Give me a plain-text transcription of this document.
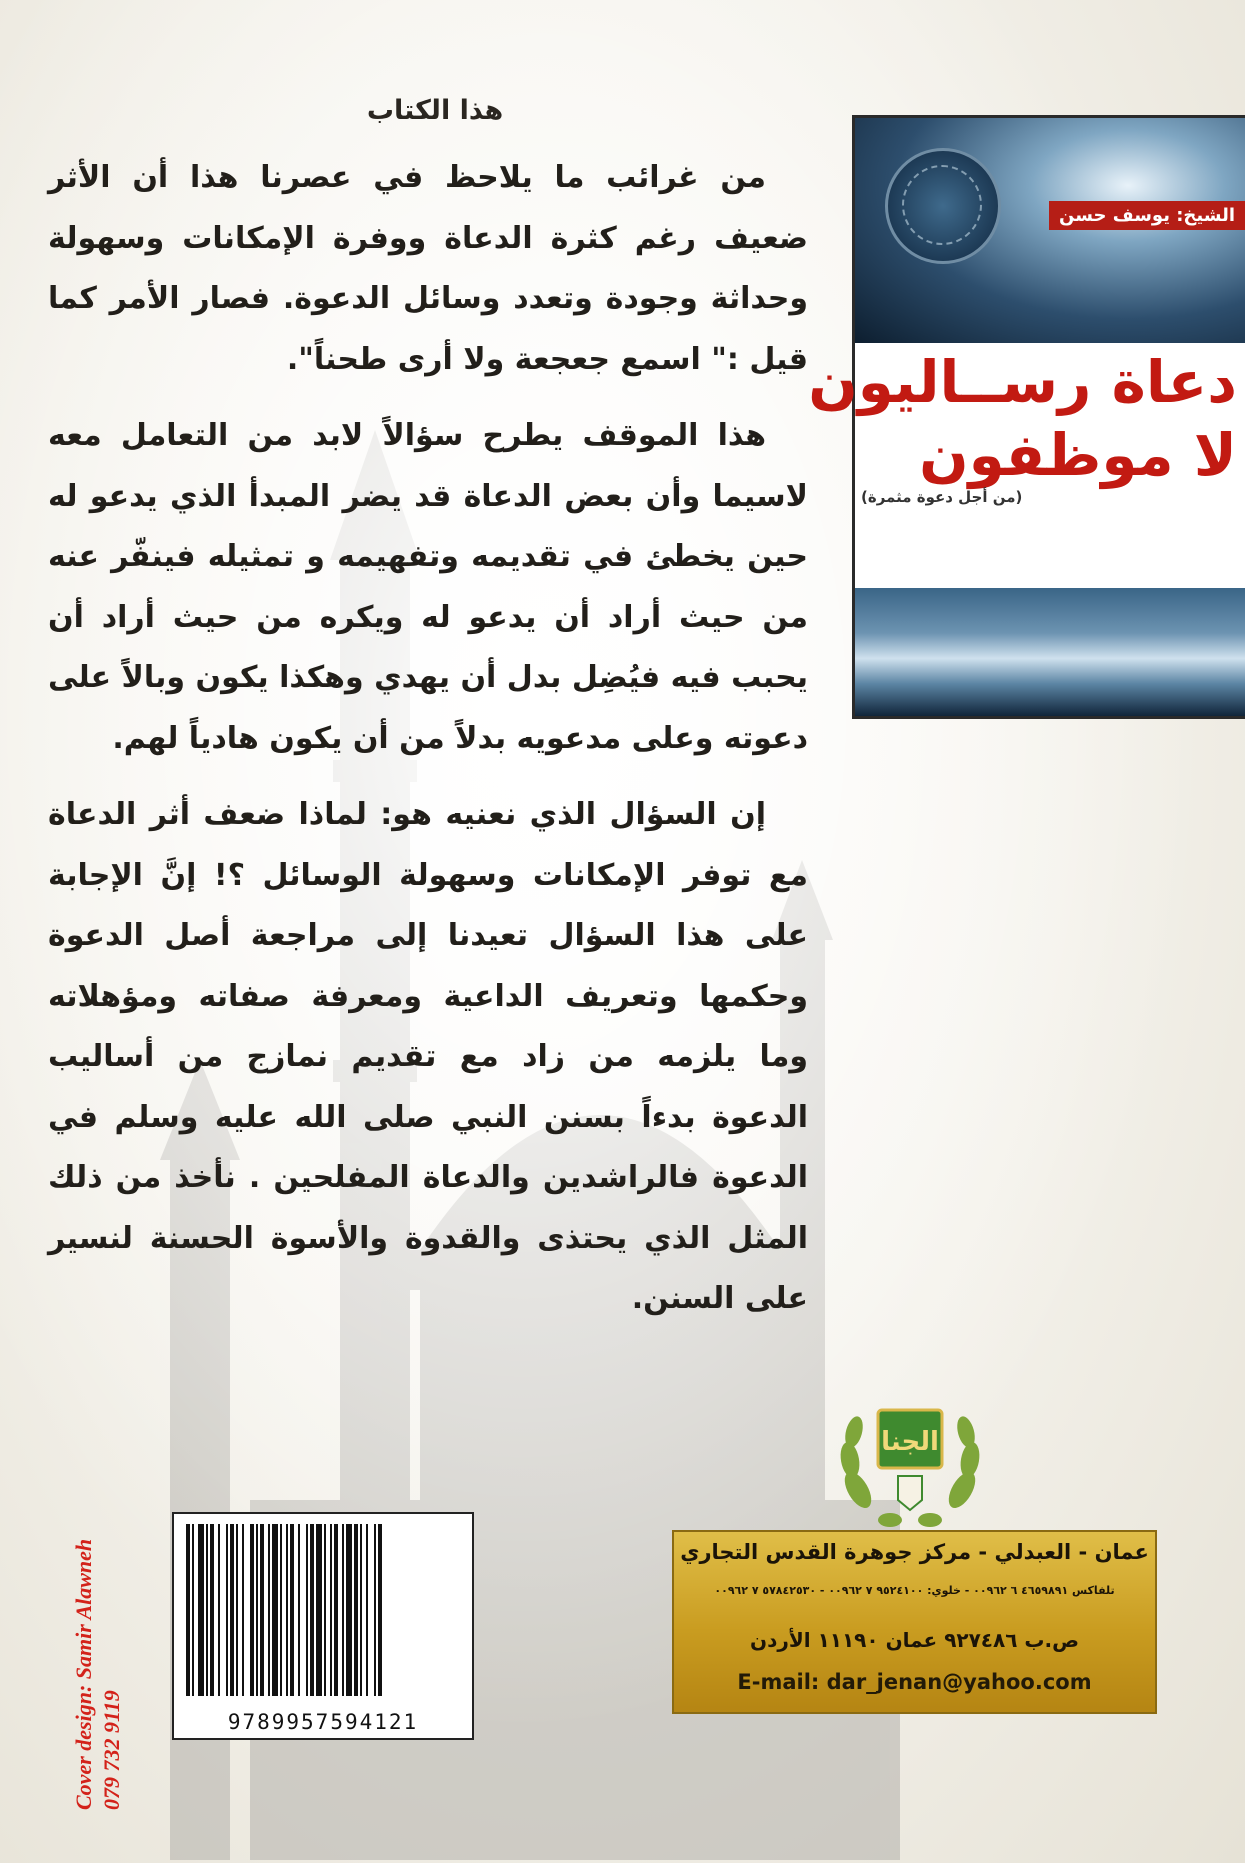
هذا الكتاب

من غرائب ما يلاحظ في عصرنا هذا أن الأثر ضعيف رغم كثرة الدعاة ووفرة الإمكانات وسهولة وحداثة وجودة وتعدد وسائل الدعوة. فصار الأمر كما قيل :" اسمع جعجعة ولا أرى طحناً".

هذا الموقف يطرح سؤالاً لابد من التعامل معه لاسيما وأن بعض الدعاة قد يضر المبدأ الذي يدعو له حين يخطئ في تقديمه وتفهيمه و تمثيله فينفّر عنه من حيث أراد أن يدعو له ويكره من حيث أراد أن يحبب فيه فيُضِل بدل أن يهدي وهكذا يكون وبالاً على دعوته وعلى مدعويه بدلاً من أن يكون هادياً لهم.

إن السؤال الذي نعنيه هو: لماذا ضعف أثر الدعاة مع توفر الإمكانات وسهولة الوسائل ؟! إنَّ الإجابة على هذا السؤال تعيدنا إلى مراجعة أصل الدعوة وحكمها وتعريف الداعية ومعرفة صفاته ومؤهلاته وما يلزمه من زاد مع تقديم نمازج من أساليب الدعوة بدءاً بسنن النبي صلى الله عليه وسلم في الدعوة فالراشدين والدعاة المفلحين . نأخذ من ذلك المثل الذي يحتذى والقدوة والأسوة الحسنة لنسير على السنن.

الشيخ: يوسف حسن
دعاة رســاليون
لا موظفون
(من أجل دعوة مثمرة)
الجنا
عمان - العبدلي - مركز جوهرة القدس التجاري
تلفاكس ٤٦٥٩٨٩١ ٦ ٠٠٩٦٢ - خلوي: ٩٥٢٤١٠٠ ٧ ٠٠٩٦٢ - ٥٧٨٤٢٥٣٠ ٧ ٠٠٩٦٢
ص.ب ٩٢٧٤٨٦ عمان ١١١٩٠ الأردن
E-mail: dar_jenan@yahoo.com
9789957594121
Cover design: Samir Alawneh 079 732 9119
